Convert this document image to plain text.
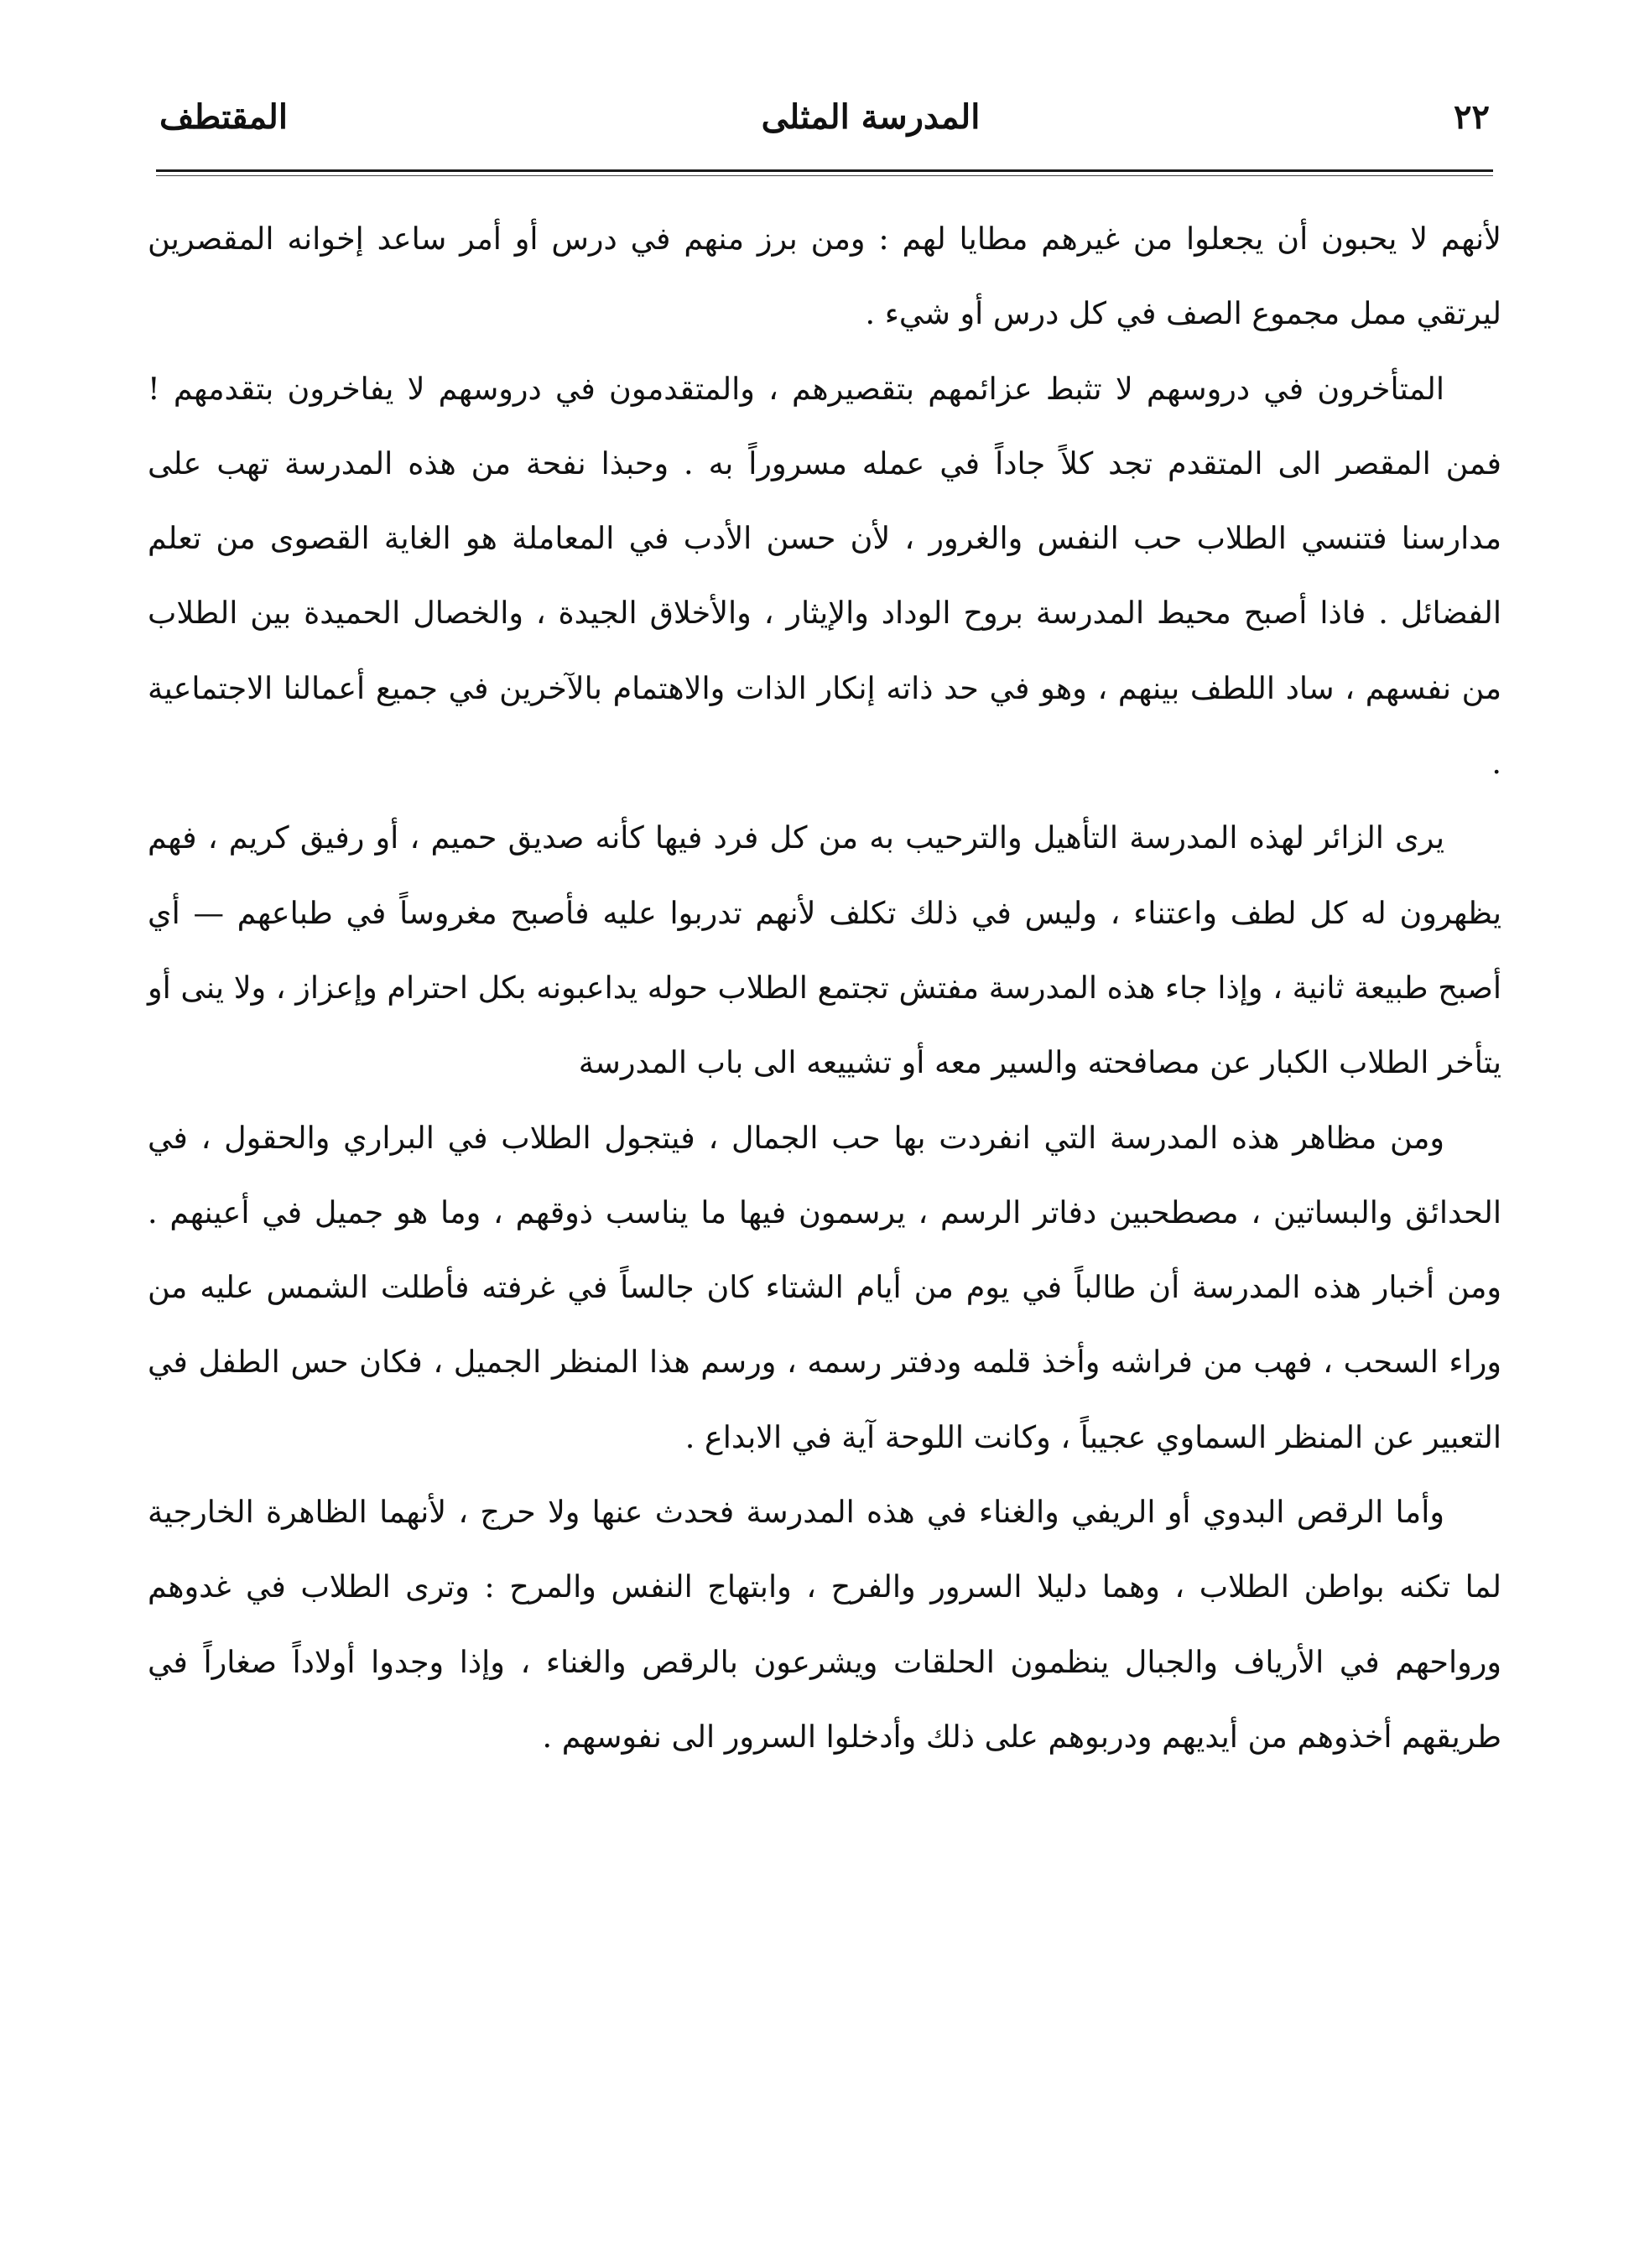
٢٢
المدرسة المثلى
المقتطف

لأنهم لا يحبون أن يجعلوا من غيرهم مطايا لهم : ومن برز منهم في درس أو أمر ساعد إخوانه المقصرين ليرتقي ممل مجموع الصف في كل درس أو شيء .

المتأخرون في دروسهم لا تثبط عزائمهم بتقصيرهم ، والمتقدمون في دروسهم لا يفاخرون بتقدمهم ! فمن المقصر الى المتقدم تجد كلاً جاداً في عمله مسروراً به . وحبذا نفحة من هذه المدرسة تهب على مدارسنا فتنسي الطلاب حب النفس والغرور ، لأن حسن الأدب في المعاملة هو الغاية القصوى من تعلم الفضائل . فاذا أصبح محيط المدرسة بروح الوداد والإيثار ، والأخلاق الجيدة ، والخصال الحميدة بين الطلاب من نفسهم ، ساد اللطف بينهم ، وهو في حد ذاته إنكار الذات والاهتمام بالآخرين في جميع أعمالنا الاجتماعية .

يرى الزائر لهذه المدرسة التأهيل والترحيب به من كل فرد فيها كأنه صديق حميم ، أو رفيق كريم ، فهم يظهرون له كل لطف واعتناء ، وليس في ذلك تكلف لأنهم تدربوا عليه فأصبح مغروساً في طباعهم — أي أصبح طبيعة ثانية ، وإذا جاء هذه المدرسة مفتش تجتمع الطلاب حوله يداعبونه بكل احترام وإعزاز ، ولا ينى أو يتأخر الطلاب الكبار عن مصافحته والسير معه أو تشييعه الى باب المدرسة

ومن مظاهر هذه المدرسة التي انفردت بها حب الجمال ، فيتجول الطلاب في البراري والحقول ، في الحدائق والبساتين ، مصطحبين دفاتر الرسم ، يرسمون فيها ما يناسب ذوقهم ، وما هو جميل في أعينهم . ومن أخبار هذه المدرسة أن طالباً في يوم من أيام الشتاء كان جالساً في غرفته فأطلت الشمس عليه من وراء السحب ، فهب من فراشه وأخذ قلمه ودفتر رسمه ، ورسم هذا المنظر الجميل ، فكان حس الطفل في التعبير عن المنظر السماوي عجيباً ، وكانت اللوحة آية في الابداع .

وأما الرقص البدوي أو الريفي والغناء في هذه المدرسة فحدث عنها ولا حرج ، لأنهما الظاهرة الخارجية لما تكنه بواطن الطلاب ، وهما دليلا السرور والفرح ، وابتهاج النفس والمرح : وترى الطلاب في غدوهم ورواحهم في الأرياف والجبال ينظمون الحلقات ويشرعون بالرقص والغناء ، وإذا وجدوا أولاداً صغاراً في طريقهم أخذوهم من أيديهم ودربوهم على ذلك وأدخلوا السرور الى نفوسهم .
